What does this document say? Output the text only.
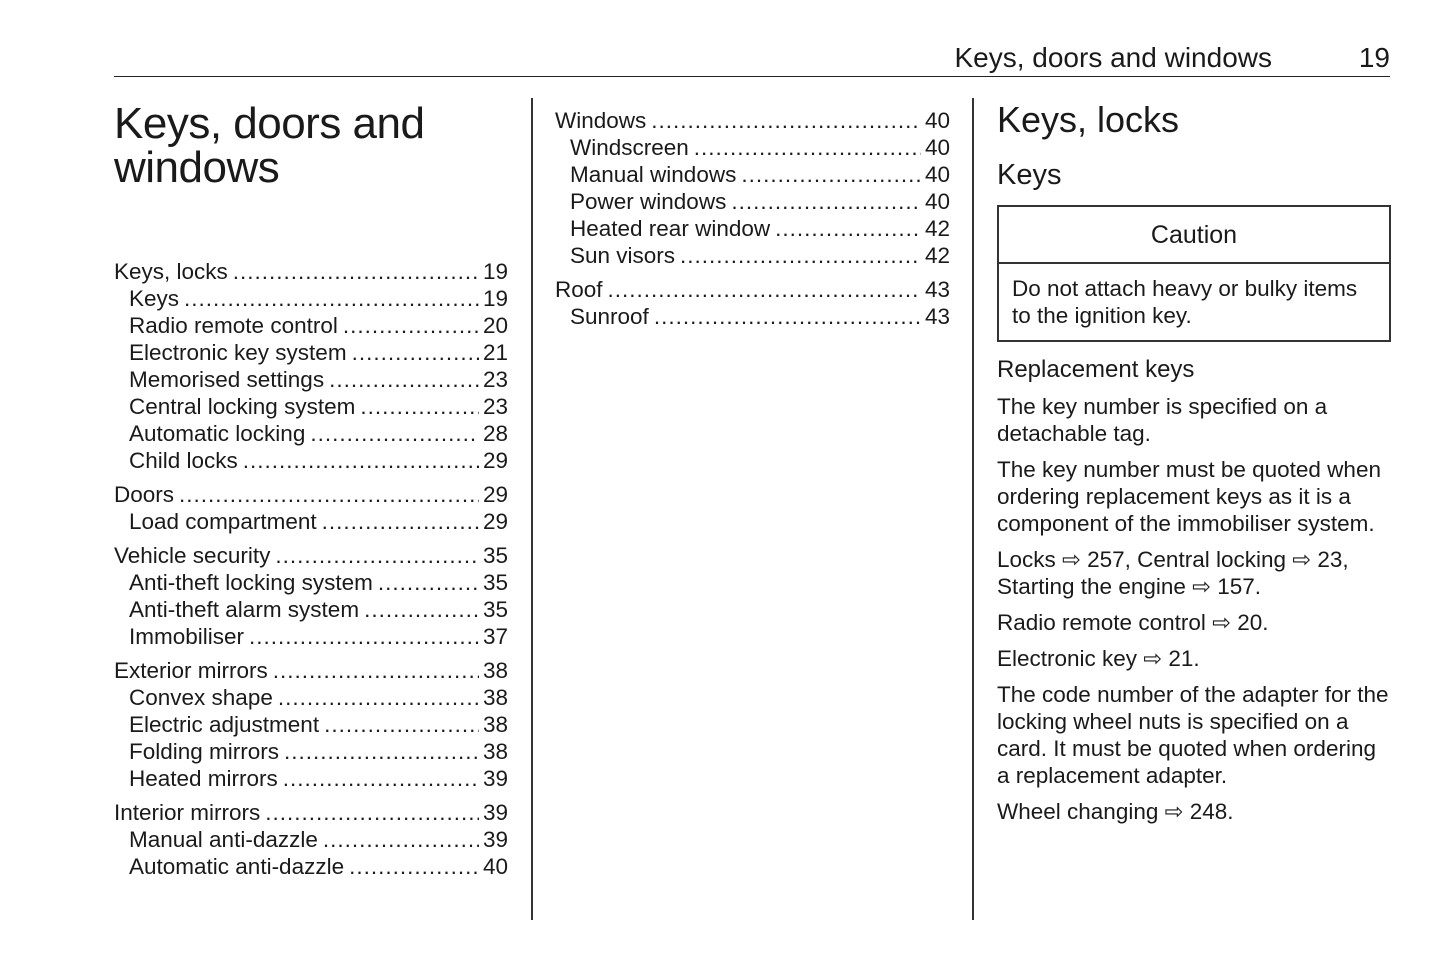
Keys, doors and windows	19
Keys, doors and windows
Keys, locks .....	19
Keys .....	19
Radio remote control .....	20
Electronic key system .....	21
Memorised settings .....	23
Central locking system .....	23
Automatic locking .....	28
Child locks .....	29
Doors .....	29
Load compartment .....	29
Vehicle security .....	35
Anti-theft locking system .....	35
Anti-theft alarm system .....	35
Immobiliser .....	37
Exterior mirrors .....	38
Convex shape .....	38
Electric adjustment .....	38
Folding mirrors .....	38
Heated mirrors .....	39
Interior mirrors .....	39
Manual anti-dazzle .....	39
Automatic anti-dazzle .....	40
Windows .....	40
Windscreen .....	40
Manual windows .....	40
Power windows .....	40
Heated rear window .....	42
Sun visors .....	42
Roof .....	43
Sunroof .....	43
Keys, locks
Keys
Caution
Do not attach heavy or bulky items to the ignition key.
Replacement keys
The key number is specified on a detachable tag.
The key number must be quoted when ordering replacement keys as it is a component of the immobiliser system.
Locks ⇨ 257, Central locking ⇨ 23, Starting the engine ⇨ 157.
Radio remote control ⇨ 20.
Electronic key ⇨ 21.
The code number of the adapter for the locking wheel nuts is specified on a card. It must be quoted when ordering a replacement adapter.
Wheel changing ⇨ 248.
